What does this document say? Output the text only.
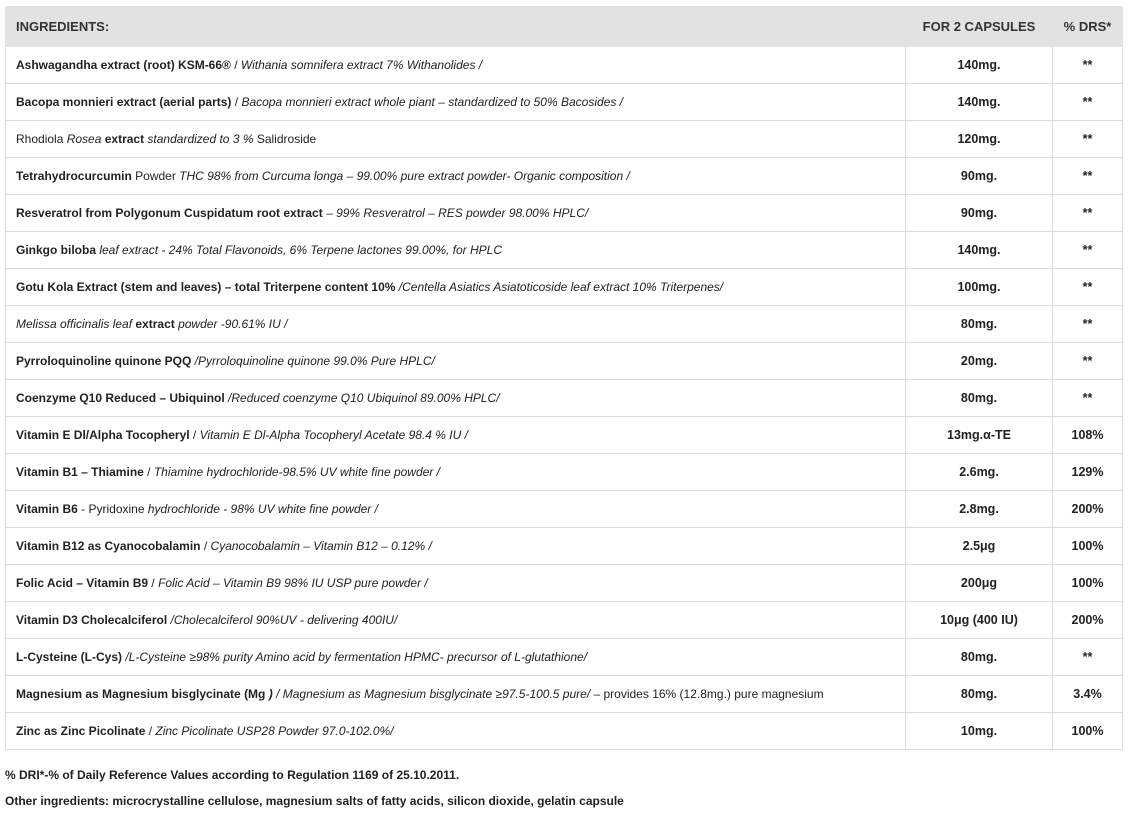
INGREDIENTS:	FOR 2 CAPSULES	% DRS*
Ashwagandha extract (root) KSM-66® / Withania somnifera extract 7% Withanolides /	140mg.	**
Bacopa monnieri extract (aerial parts) / Bacopa monnieri extract whole piant – standardized to 50% Bacosides /	140mg.	**
Rhodiola Rosea extract standardized to 3 % Salidroside	120mg.	**
Tetrahydrocurcumin Powder THC 98% from Curcuma longa – 99.00% pure extract powder- Organic composition /	90mg.	**
Resveratrol from Polygonum Cuspidatum root extract – 99% Resveratrol – RES powder 98.00% HPLC/	90mg.	**
Ginkgo biloba leaf extract - 24% Total Flavonoids, 6% Terpene lactones 99.00%, for HPLC	140mg.	**
Gotu Kola Extract (stem and leaves) – total Triterpene content 10% /Centella Asiatics Asiatoticoside leaf extract 10% Triterpenes/	100mg.	**
Melissa officinalis leaf extract powder -90.61% IU /	80mg.	**
Pyrroloquinoline quinone PQQ /Pyrroloquinoline quinone 99.0% Pure HPLC/	20mg.	**
Coenzyme Q10 Reduced – Ubiquinol /Reduced coenzyme Q10 Ubiquinol 89.00% HPLC/	80mg.	**
Vitamin E Dl/Alpha Tocopheryl / Vitamin E Dl-Alpha Tocopheryl Acetate 98.4 % IU /	13mg.α-TE	108%
Vitamin B1 – Thiamine / Thiamine hydrochloride-98.5% UV white fine powder /	2.6mg.	129%
Vitamin B6 - Pyridoxine hydrochloride - 98% UV white fine powder /	2.8mg.	200%
Vitamin B12 as Cyanocobalamin / Cyanocobalamin – Vitamin B12 – 0.12% /	2.5μg	100%
Folic Acid – Vitamin B9 / Folic Acid – Vitamin B9 98% IU USP pure powder /	200μg	100%
Vitamin D3 Cholecalciferol /Cholecalciferol 90%UV - delivering 400IU/	10μg (400 IU)	200%
L-Cysteine (L-Cys) /L-Cysteine ≥98% purity Amino acid by fermentation HPMC- precursor of L-glutathione/	80mg.	**
Magnesium as Magnesium bisglycinate (Mg ) / Magnesium as Magnesium bisglycinate ≥97.5-100.5 pure/ – provides 16% (12.8mg.) pure magnesium	80mg.	3.4%
Zinc as Zinc Picolinate / Zinc Picolinate USP28 Powder 97.0-102.0%/	10mg.	100%
% DRI*-% of Daily Reference Values according to Regulation 1169 of 25.10.2011.
Other ingredients: microcrystalline cellulose, magnesium salts of fatty acids, silicon dioxide, gelatin capsule
